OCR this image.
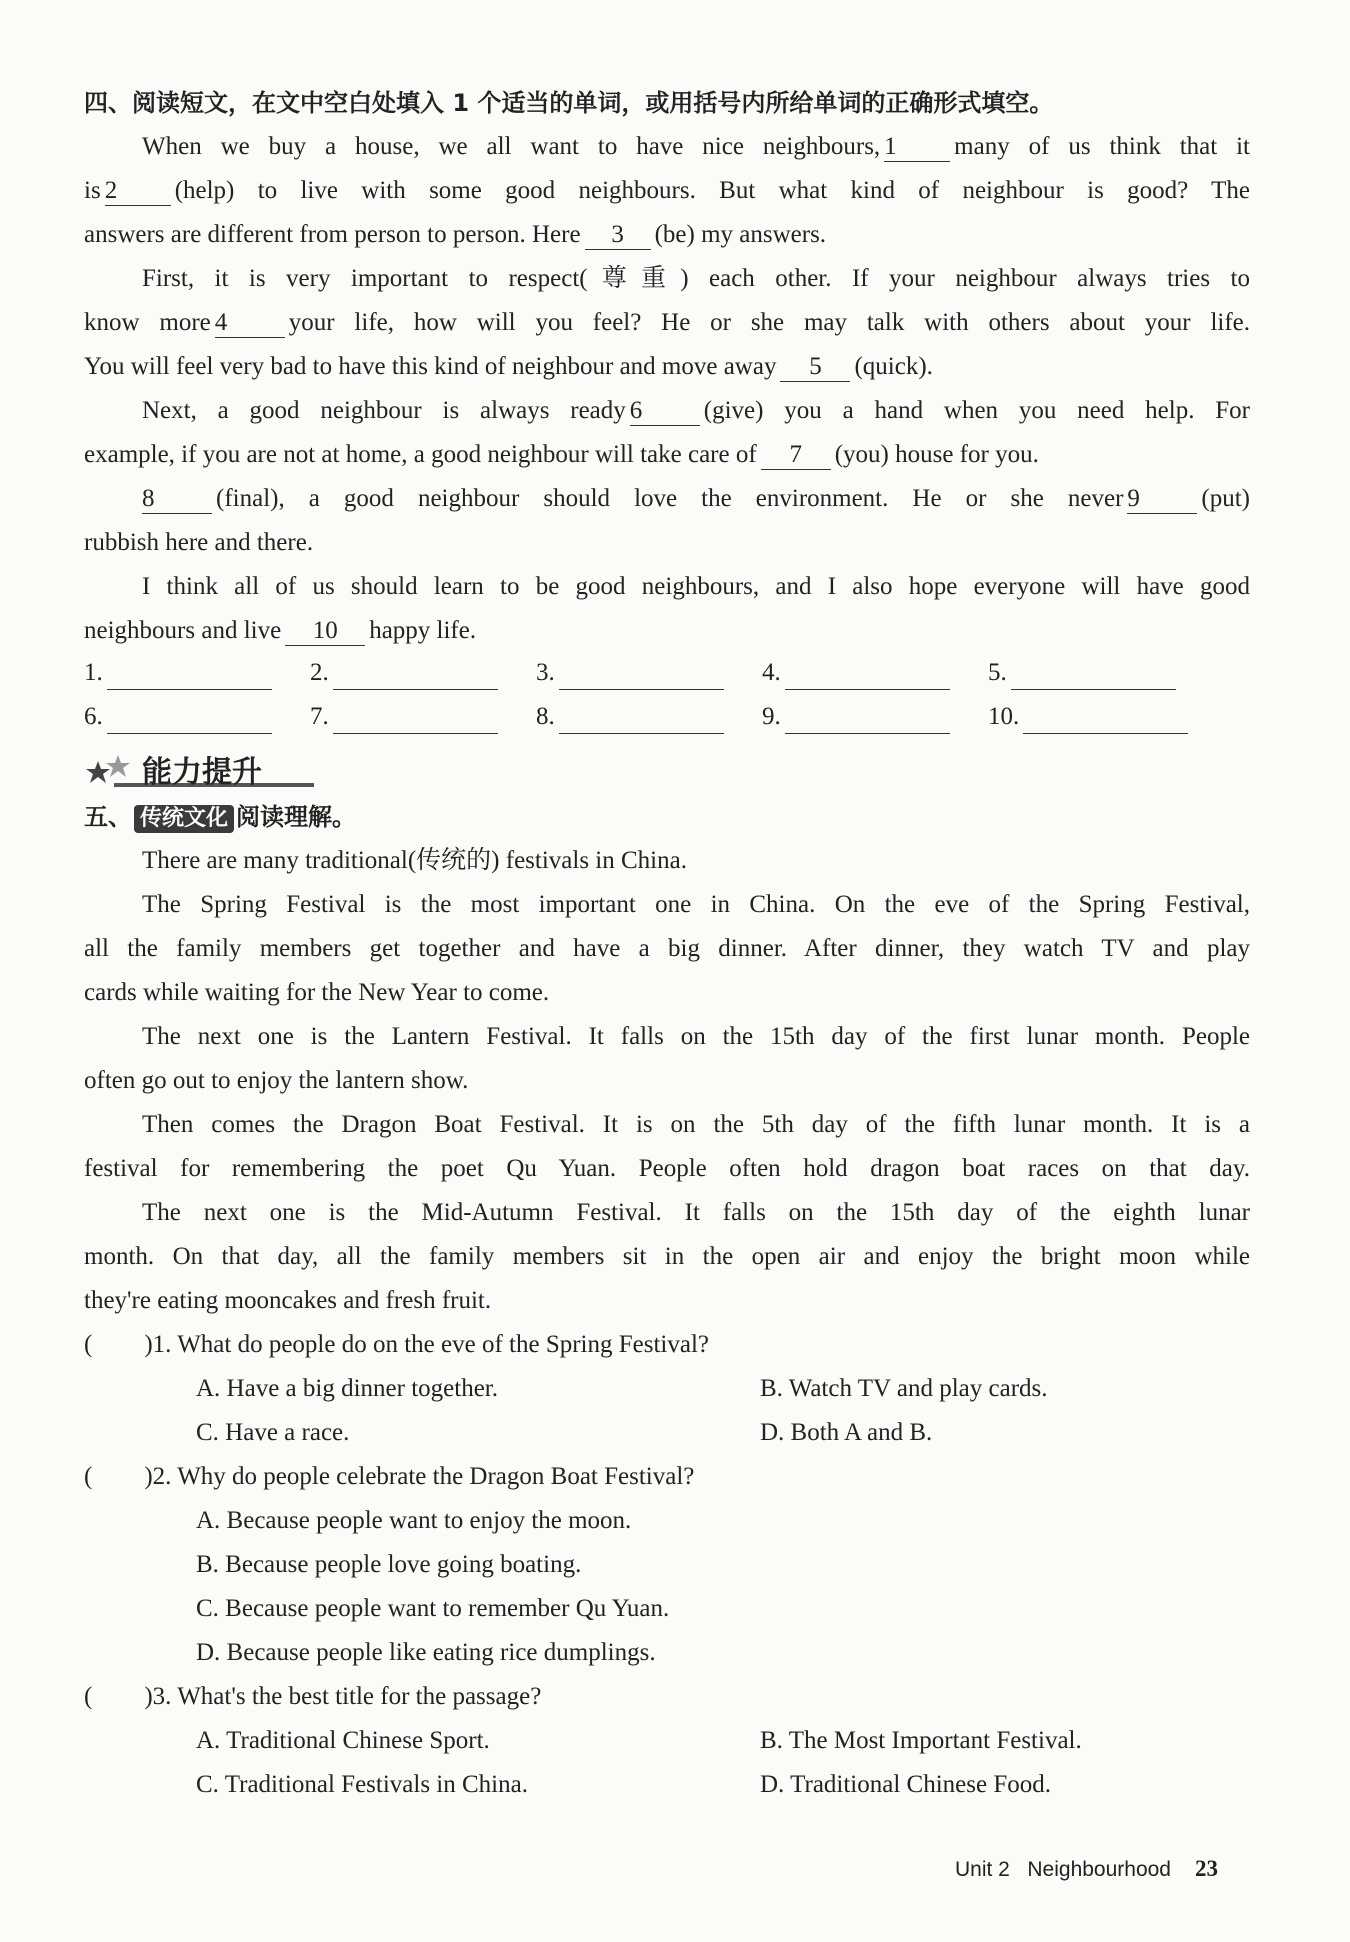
四、阅读短文，在文中空白处填入 1 个适当的单词，或用括号内所给单词的正确形式填空。
When we buy a house, we all want to have nice neighbours, 1 many of us think that it
is 2 (help) to live with some good neighbours. But what kind of neighbour is good? The
answers are different from person to person. Here 3 (be) my answers.
First, it is very important to respect(尊重) each other. If your neighbour always tries to
know more 4 your life, how will you feel? He or she may talk with others about your life.
You will feel very bad to have this kind of neighbour and move away 5 (quick).
Next, a good neighbour is always ready 6 (give) you a hand when you need help. For
example, if you are not at home, a good neighbour will take care of 7 (you) house for you.
8 (final), a good neighbour should love the environment. He or she never 9 (put)
rubbish here and there.
I think all of us should learn to be good neighbours, and I also hope everyone will have good
neighbours and live 10 happy life.
1.	2.	3.	4.	5.
6.	7.	8.	9.	10.
能力提升
五、 传统文化 阅读理解。
There are many traditional(传统的) festivals in China.
The Spring Festival is the most important one in China. On the eve of the Spring Festival,
all the family members get together and have a big dinner. After dinner, they watch TV and play
cards while waiting for the New Year to come.
The next one is the Lantern Festival. It falls on the 15th day of the first lunar month. People
often go out to enjoy the lantern show.
Then comes the Dragon Boat Festival. It is on the 5th day of the fifth lunar month. It is a
festival for remembering the poet Qu Yuan. People often hold dragon boat races on that day.
The next one is the Mid-Autumn Festival. It falls on the 15th day of the eighth lunar
month. On that day, all the family members sit in the open air and enjoy the bright moon while
they're eating mooncakes and fresh fruit.
( )1. What do people do on the eve of the Spring Festival?
A. Have a big dinner together.	B. Watch TV and play cards.
C. Have a race.	D. Both A and B.
( )2. Why do people celebrate the Dragon Boat Festival?
A. Because people want to enjoy the moon.
B. Because people love going boating.
C. Because people want to remember Qu Yuan.
D. Because people like eating rice dumplings.
( )3. What's the best title for the passage?
A. Traditional Chinese Sport.	B. The Most Important Festival.
C. Traditional Festivals in China.	D. Traditional Chinese Food.
Unit 2 Neighbourhood 23
